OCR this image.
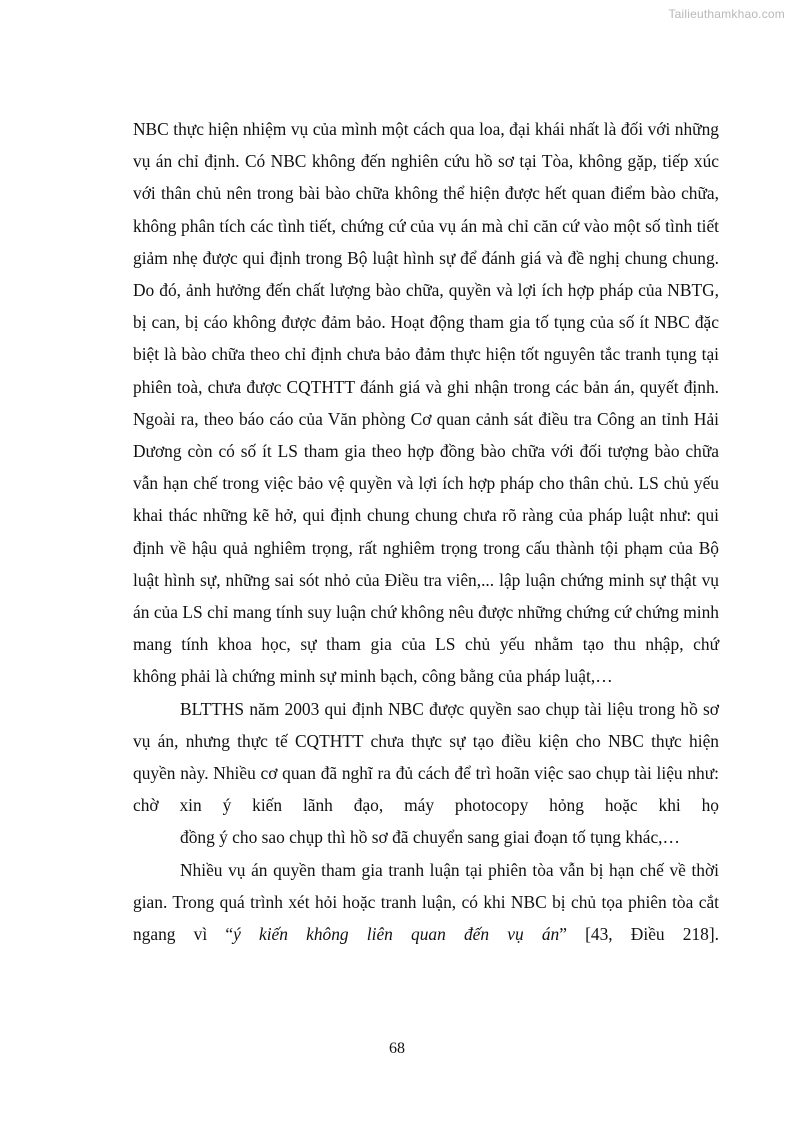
Tailieuthamkhao.com

NBC thực hiện nhiệm vụ của mình một cách qua loa, đại khái nhất là đối với những vụ án chỉ định. Có NBC không đến nghiên cứu hồ sơ tại Tòa, không gặp, tiếp xúc với thân chủ nên trong bài bào chữa không thể hiện được hết quan điểm bào chữa, không phân tích các tình tiết, chứng cứ của vụ án mà chỉ căn cứ vào một số tình tiết giảm nhẹ được qui định trong Bộ luật hình sự để đánh giá và đề nghị chung chung. Do đó, ảnh hưởng đến chất lượng bào chữa, quyền và lợi ích hợp pháp của NBTG, bị can, bị cáo không được đảm bảo. Hoạt động tham gia tố tụng của số ít NBC đặc biệt là bào chữa theo chỉ định chưa bảo đảm thực hiện tốt nguyên tắc tranh tụng tại phiên toà, chưa được CQTHTT đánh giá và ghi nhận trong các bản án, quyết định. Ngoài ra, theo báo cáo của Văn phòng Cơ quan cảnh sát điều tra Công an tỉnh Hải Dương còn có số ít LS tham gia theo hợp đồng bào chữa với đối tượng bào chữa vẫn hạn chế trong việc bảo vệ quyền và lợi ích hợp pháp cho thân chủ. LS chủ yếu khai thác những kẽ hở, qui định chung chung chưa rõ ràng của pháp luật như: qui định về hậu quả nghiêm trọng, rất nghiêm trọng trong cấu thành tội phạm của Bộ luật hình sự, những sai sót nhỏ của Điều tra viên,... lập luận chứng minh sự thật vụ án của LS chỉ mang tính suy luận chứ không nêu được những chứng cứ chứng minh mang tính khoa học, sự tham gia của LS chủ yếu nhằm tạo thu nhập, chứ
không phải là chứng minh sự minh bạch, công bằng của pháp luật,…

BLTTHS năm 2003 qui định NBC được quyền sao chụp tài liệu trong hồ sơ vụ án, nhưng thực tế CQTHTT chưa thực sự tạo điều kiện cho NBC thực hiện quyền này. Nhiều cơ quan đã nghĩ ra đủ cách để trì hoãn việc sao chụp tài liệu như: chờ xin ý kiến lãnh đạo, máy photocopy hỏng hoặc khi họ
đồng ý cho sao chụp thì hồ sơ đã chuyển sang giai đoạn tố tụng khác,…

Nhiều vụ án quyền tham gia tranh luận tại phiên tòa vẫn bị hạn chế về thời gian. Trong quá trình xét hỏi hoặc tranh luận, có khi NBC bị chủ tọa phiên tòa cắt ngang vì “ý kiến không liên quan đến vụ án” [43, Điều 218].

68
